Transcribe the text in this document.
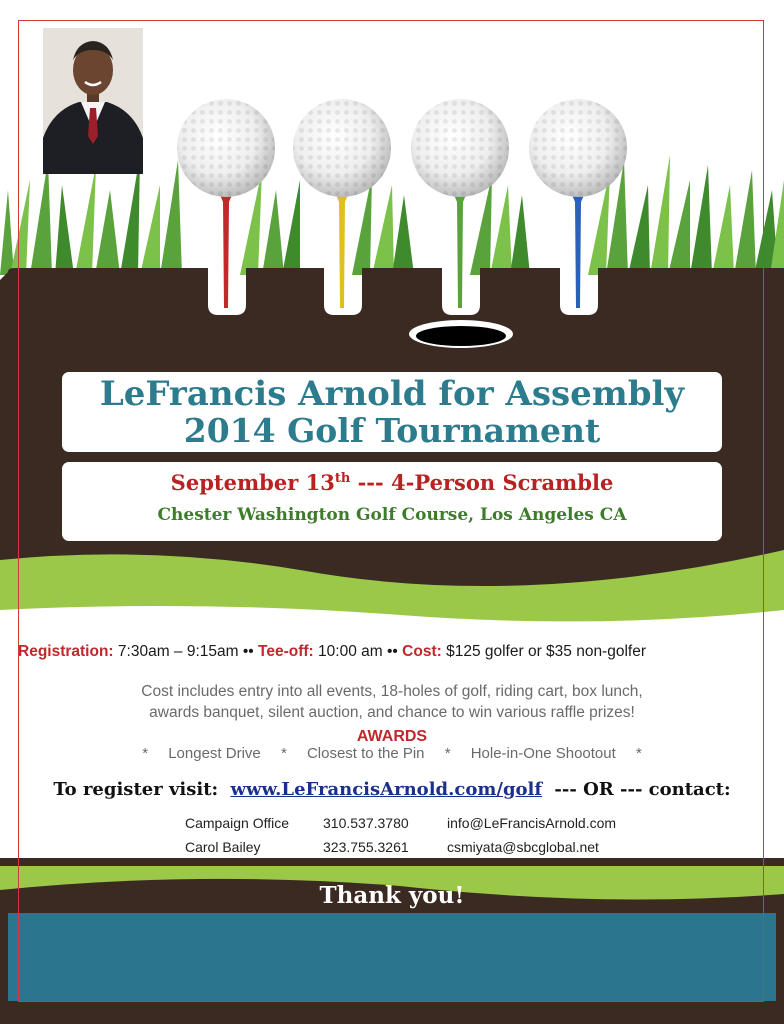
LeFrancis Arnold for Assembly
2014 Golf Tournament
September 13th --- 4-Person Scramble
Chester Washington Golf Course, Los Angeles CA
Registration: 7:30am – 9:15am •• Tee-off: 10:00 am •• Cost: $125 golfer or $35 non-golfer
Cost includes entry into all events, 18-holes of golf, riding cart, box lunch,
awards banquet, silent auction, and chance to win various raffle prizes!
AWARDS
* Longest Drive * Closest to the Pin * Hole-in-One Shootout *
To register visit: www.LeFrancisArnold.com/golf --- OR --- contact:
Campaign Office	310.537.3780	info@LeFrancisArnold.com
Carol Bailey	323.755.3261	csmiyata@sbcglobal.net
Thank you!
